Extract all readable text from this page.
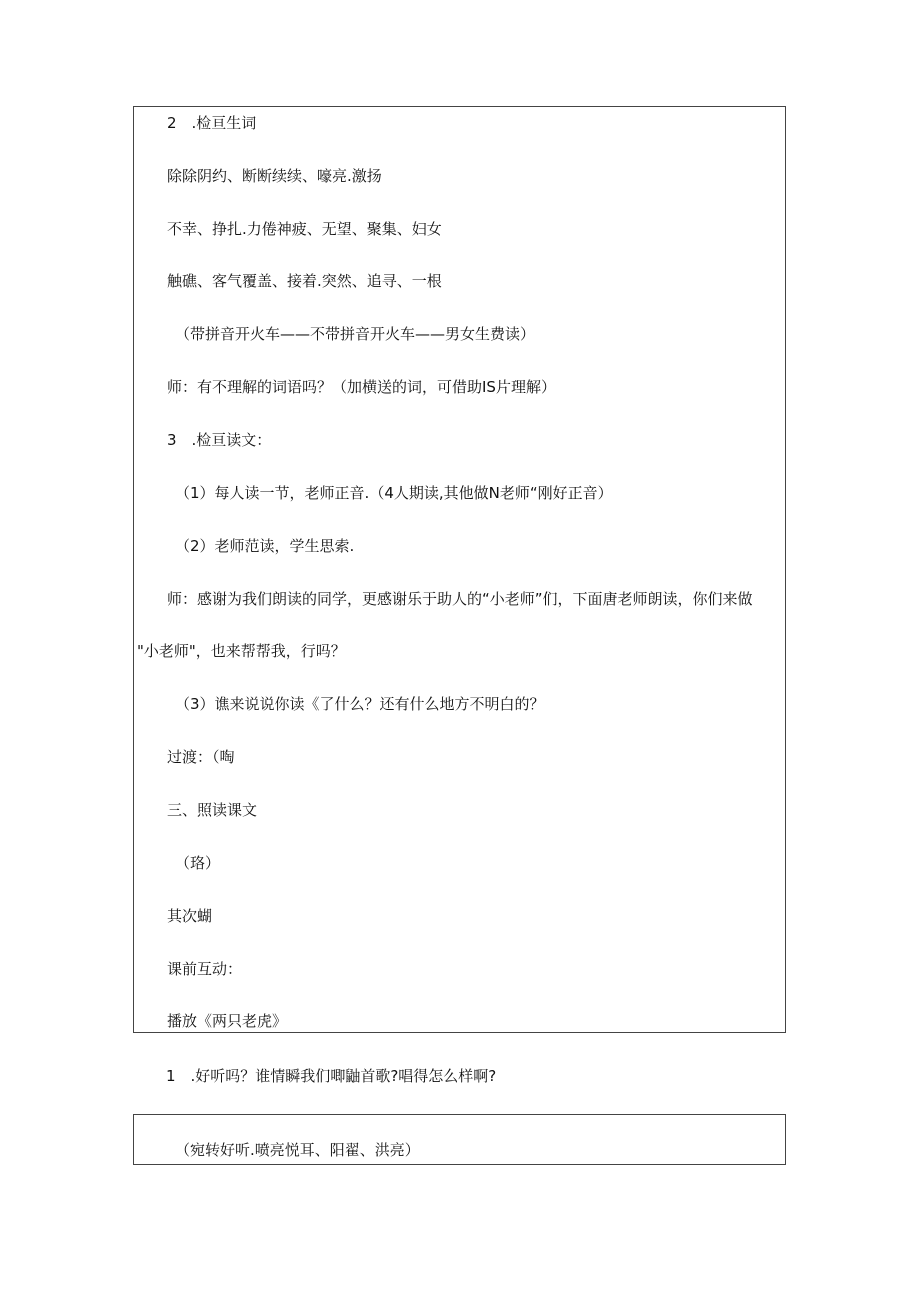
2　.检亘生词

除除阴约、断断续续、嚎亮.激扬

不幸、挣扎.力倦神疲、无望、聚集、妇女

触礁、客气覆盖、接着.突然、追寻、一根

（带拼音开火车——不带拼音开火车——男女生费读）

师：有不理解的词语吗？（加横送的词，可借助IS片理解）

3　.检亘读文：

（1）每人读一节，老师正音.（4人期读,其他做N老师“刚好正音）

（2）老师范读，学生思索.

师：感谢为我们朗读的同学，更感谢乐于助人的“小老师”们，下面唐老师朗读，你们来做

"小老师"，也来帮帮我，行吗？

（3）谯来说说你读《了什么？还有什么地方不明白的？

过渡：（啕

三、照读课文

（珞）

其次蝴

课前互动：

播放《两只老虎》

1　.好听吗？谁情瞬我们唧鼬首歌?唱得怎么样啊?

（宛转好听.喷亮悦耳、阳翟、洪亮）
